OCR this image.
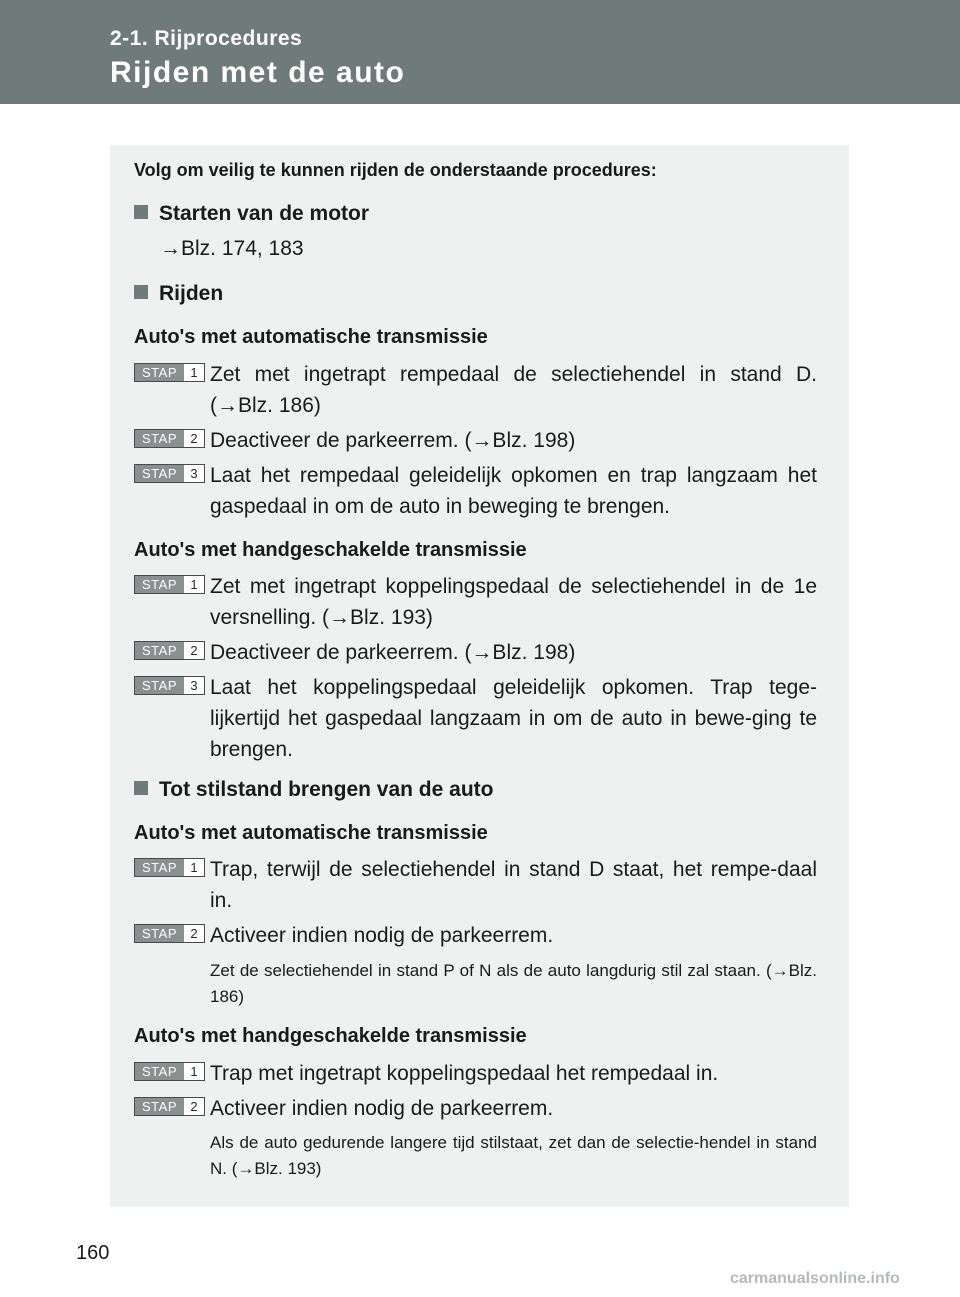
2-1. Rijprocedures
Rijden met de auto
Volg om veilig te kunnen rijden de onderstaande procedures:
Starten van de motor
→Blz. 174, 183
Rijden
Auto's met automatische transmissie
STAP	1 Zet met ingetrapt rempedaal de selectiehendel in stand D. (→Blz. 186)
STAP	2 Deactiveer de parkeerrem. (→Blz. 198)
STAP	3 Laat het rempedaal geleidelijk opkomen en trap langzaam het gaspedaal in om de auto in beweging te brengen.
Auto's met handgeschakelde transmissie
STAP	1 Zet met ingetrapt koppelingspedaal de selectiehendel in de 1e versnelling. (→Blz. 193)
STAP	2 Deactiveer de parkeerrem. (→Blz. 198)
STAP	3 Laat het koppelingspedaal geleidelijk opkomen. Trap tege-lijkertijd het gaspedaal langzaam in om de auto in bewe-ging te brengen.
Tot stilstand brengen van de auto
Auto's met automatische transmissie
STAP	1 Trap, terwijl de selectiehendel in stand D staat, het rempe-daal in.
STAP	2 Activeer indien nodig de parkeerrem.
Zet de selectiehendel in stand P of N als de auto langdurig stil zal staan. (→Blz. 186)
Auto's met handgeschakelde transmissie
STAP	1 Trap met ingetrapt koppelingspedaal het rempedaal in.
STAP	2 Activeer indien nodig de parkeerrem.
Als de auto gedurende langere tijd stilstaat, zet dan de selectie-hendel in stand N. (→Blz. 193)
160
carmanualsonline.info
